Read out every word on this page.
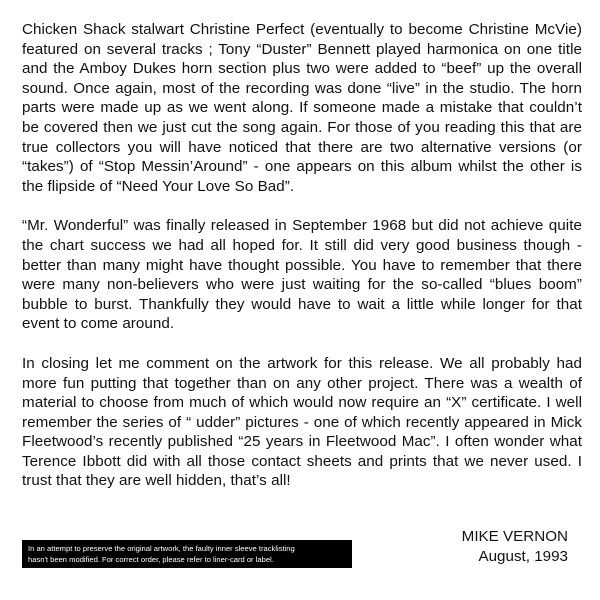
Chicken Shack stalwart Christine Perfect (eventually to become Christine McVie) featured on several tracks ; Tony “Duster” Bennett played harmonica on one title and the Amboy Dukes horn section plus two were added to “beef” up the overall sound. Once again, most of the recording was done “live” in the studio. The horn parts were made up as we went along. If someone made a mistake that couldn’t be covered then we just cut the song again. For those of you reading this that are true collectors you will have noticed that there are two alternative versions (or “takes”) of “Stop Messin’Around” - one appears on this album whilst the other is the flipside of “Need Your Love So Bad”.

“Mr. Wonderful” was finally released in September 1968 but did not achieve quite the chart success we had all hoped for. It still did very good business though - better than many might have thought possible. You have to remember that there were many non-believers who were just waiting for the so-called “blues boom” bubble to burst. Thankfully they would have to wait a little while longer for that event to come around.

In closing let me comment on the artwork for this release. We all probably had more fun putting that together than on any other project. There was a wealth of material to choose from much of which would now require an “X” certificate. I well remember the series of “ udder” pictures - one of which recently appeared in Mick Fleetwood’s recently published “25 years in Fleetwood Mac”. I often wonder what Terence Ibbott did with all those contact sheets and prints that we never used. I trust that they are well hidden, that’s all!

MIKE VERNON
August, 1993
In an attempt to preserve the original artwork, the faulty inner sleeve tracklisting
hasn't been modified. For correct order, please refer to liner-card or label.
